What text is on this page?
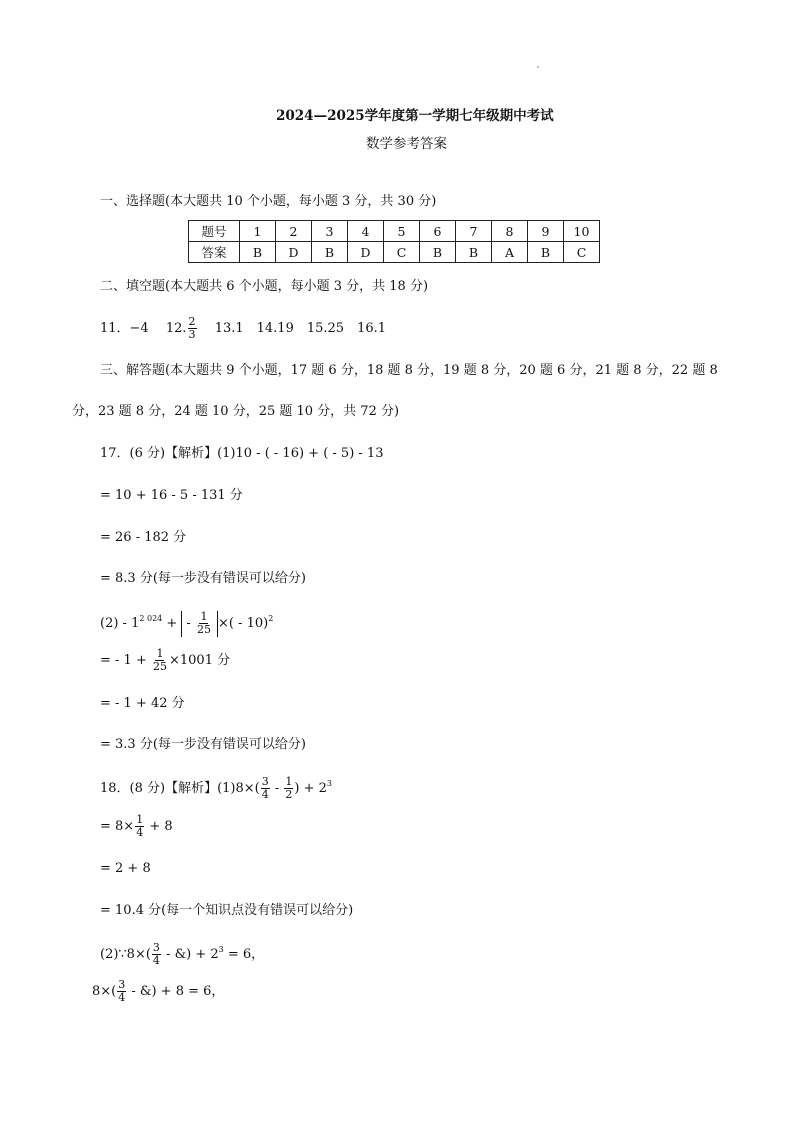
2024—2025学年度第一学期七年级期中考试
数学参考答案
一、选择题(本大题共 10 个小题，每小题 3 分，共 30 分)
题号	1	2	3	4	5	6	7	8	9	10
答案	B	D	B	D	C	B	B	A	B	C
二、填空题(本大题共 6 个小题，每小题 3 分，共 18 分)
11．−4　 12. $\frac{2}{3}$
　 13.1　14.19　15.25　16.1
三、解答题(本大题共 9 个小题，17 题 6 分，18 题 8 分，19 题 8 分，20 题 6 分，21 题 8 分，22 题 8
分，23 题 8 分，24 题 10 分，25 题 10 分，共 72 分)
17．(6 分)【解析】(1)10 - ( - 16) + ( - 5) - 13
= 10 + 16 - 5 - 131 分
= 26 - 182 分
= 8.3 分(每一步没有错误可以给分)
$(2) - 1^{2 024}$ + - $\frac{1}{25}$ ×( - 10)$^2$
= - $1 + \frac{1}{25} \times 1001$ 分
= - 1 + 42 分
= 3.3 分(每一步没有错误可以给分)
18．(8 分)【解析】$(1)8\times( \frac{3}{4} - \frac{1}{2}$ ) + $2^3$
= $8\times \frac{1}{4} + 8$
= 2 + 8
= 10.4 分(每一个知识点没有错误可以给分)
(2)∵8×( $\frac{3}{4}$ - &) + $2^3 = 6$，
$8\times( \frac{3}{4}$ - &) + 8 = 6，
